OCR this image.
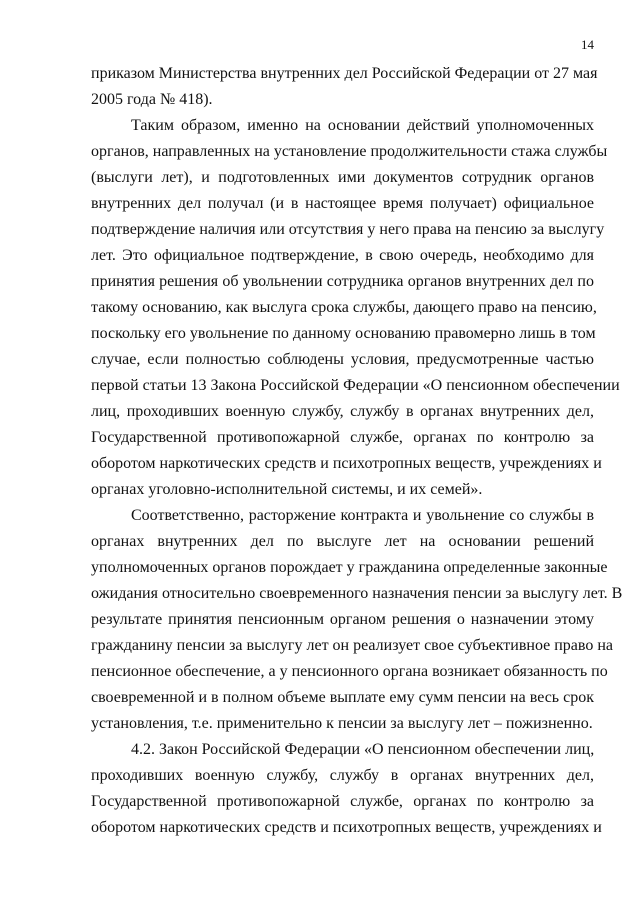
14
приказом Министерства внутренних дел Российской Федерации от 27 мая
2005 года № 418).
Таким образом, именно на основании действий уполномоченных
органов, направленных на установление продолжительности стажа службы
(выслуги лет), и подготовленных ими документов сотрудник органов
внутренних дел получал (и в настоящее время получает) официальное
подтверждение наличия или отсутствия у него права на пенсию за выслугу
лет. Это официальное подтверждение, в свою очередь, необходимо для
принятия решения об увольнении сотрудника органов внутренних дел по
такому основанию, как выслуга срока службы, дающего право на пенсию,
поскольку его увольнение по данному основанию правомерно лишь в том
случае, если полностью соблюдены условия, предусмотренные частью
первой статьи 13 Закона Российской Федерации «О пенсионном обеспечении
лиц, проходивших военную службу, службу в органах внутренних дел,
Государственной противопожарной службе, органах по контролю за
оборотом наркотических средств и психотропных веществ, учреждениях и
органах уголовно-исполнительной системы, и их семей».
Соответственно, расторжение контракта и увольнение со службы в
органах внутренних дел по выслуге лет на основании решений
уполномоченных органов порождает у гражданина определенные законные
ожидания относительно своевременного назначения пенсии за выслугу лет. В
результате принятия пенсионным органом решения о назначении этому
гражданину пенсии за выслугу лет он реализует свое субъективное право на
пенсионное обеспечение, а у пенсионного органа возникает обязанность по
своевременной и в полном объеме выплате ему сумм пенсии на весь срок
установления, т.е. применительно к пенсии за выслугу лет – пожизненно.
4.2. Закон Российской Федерации «О пенсионном обеспечении лиц,
проходивших военную службу, службу в органах внутренних дел,
Государственной противопожарной службе, органах по контролю за
оборотом наркотических средств и психотропных веществ, учреждениях и
